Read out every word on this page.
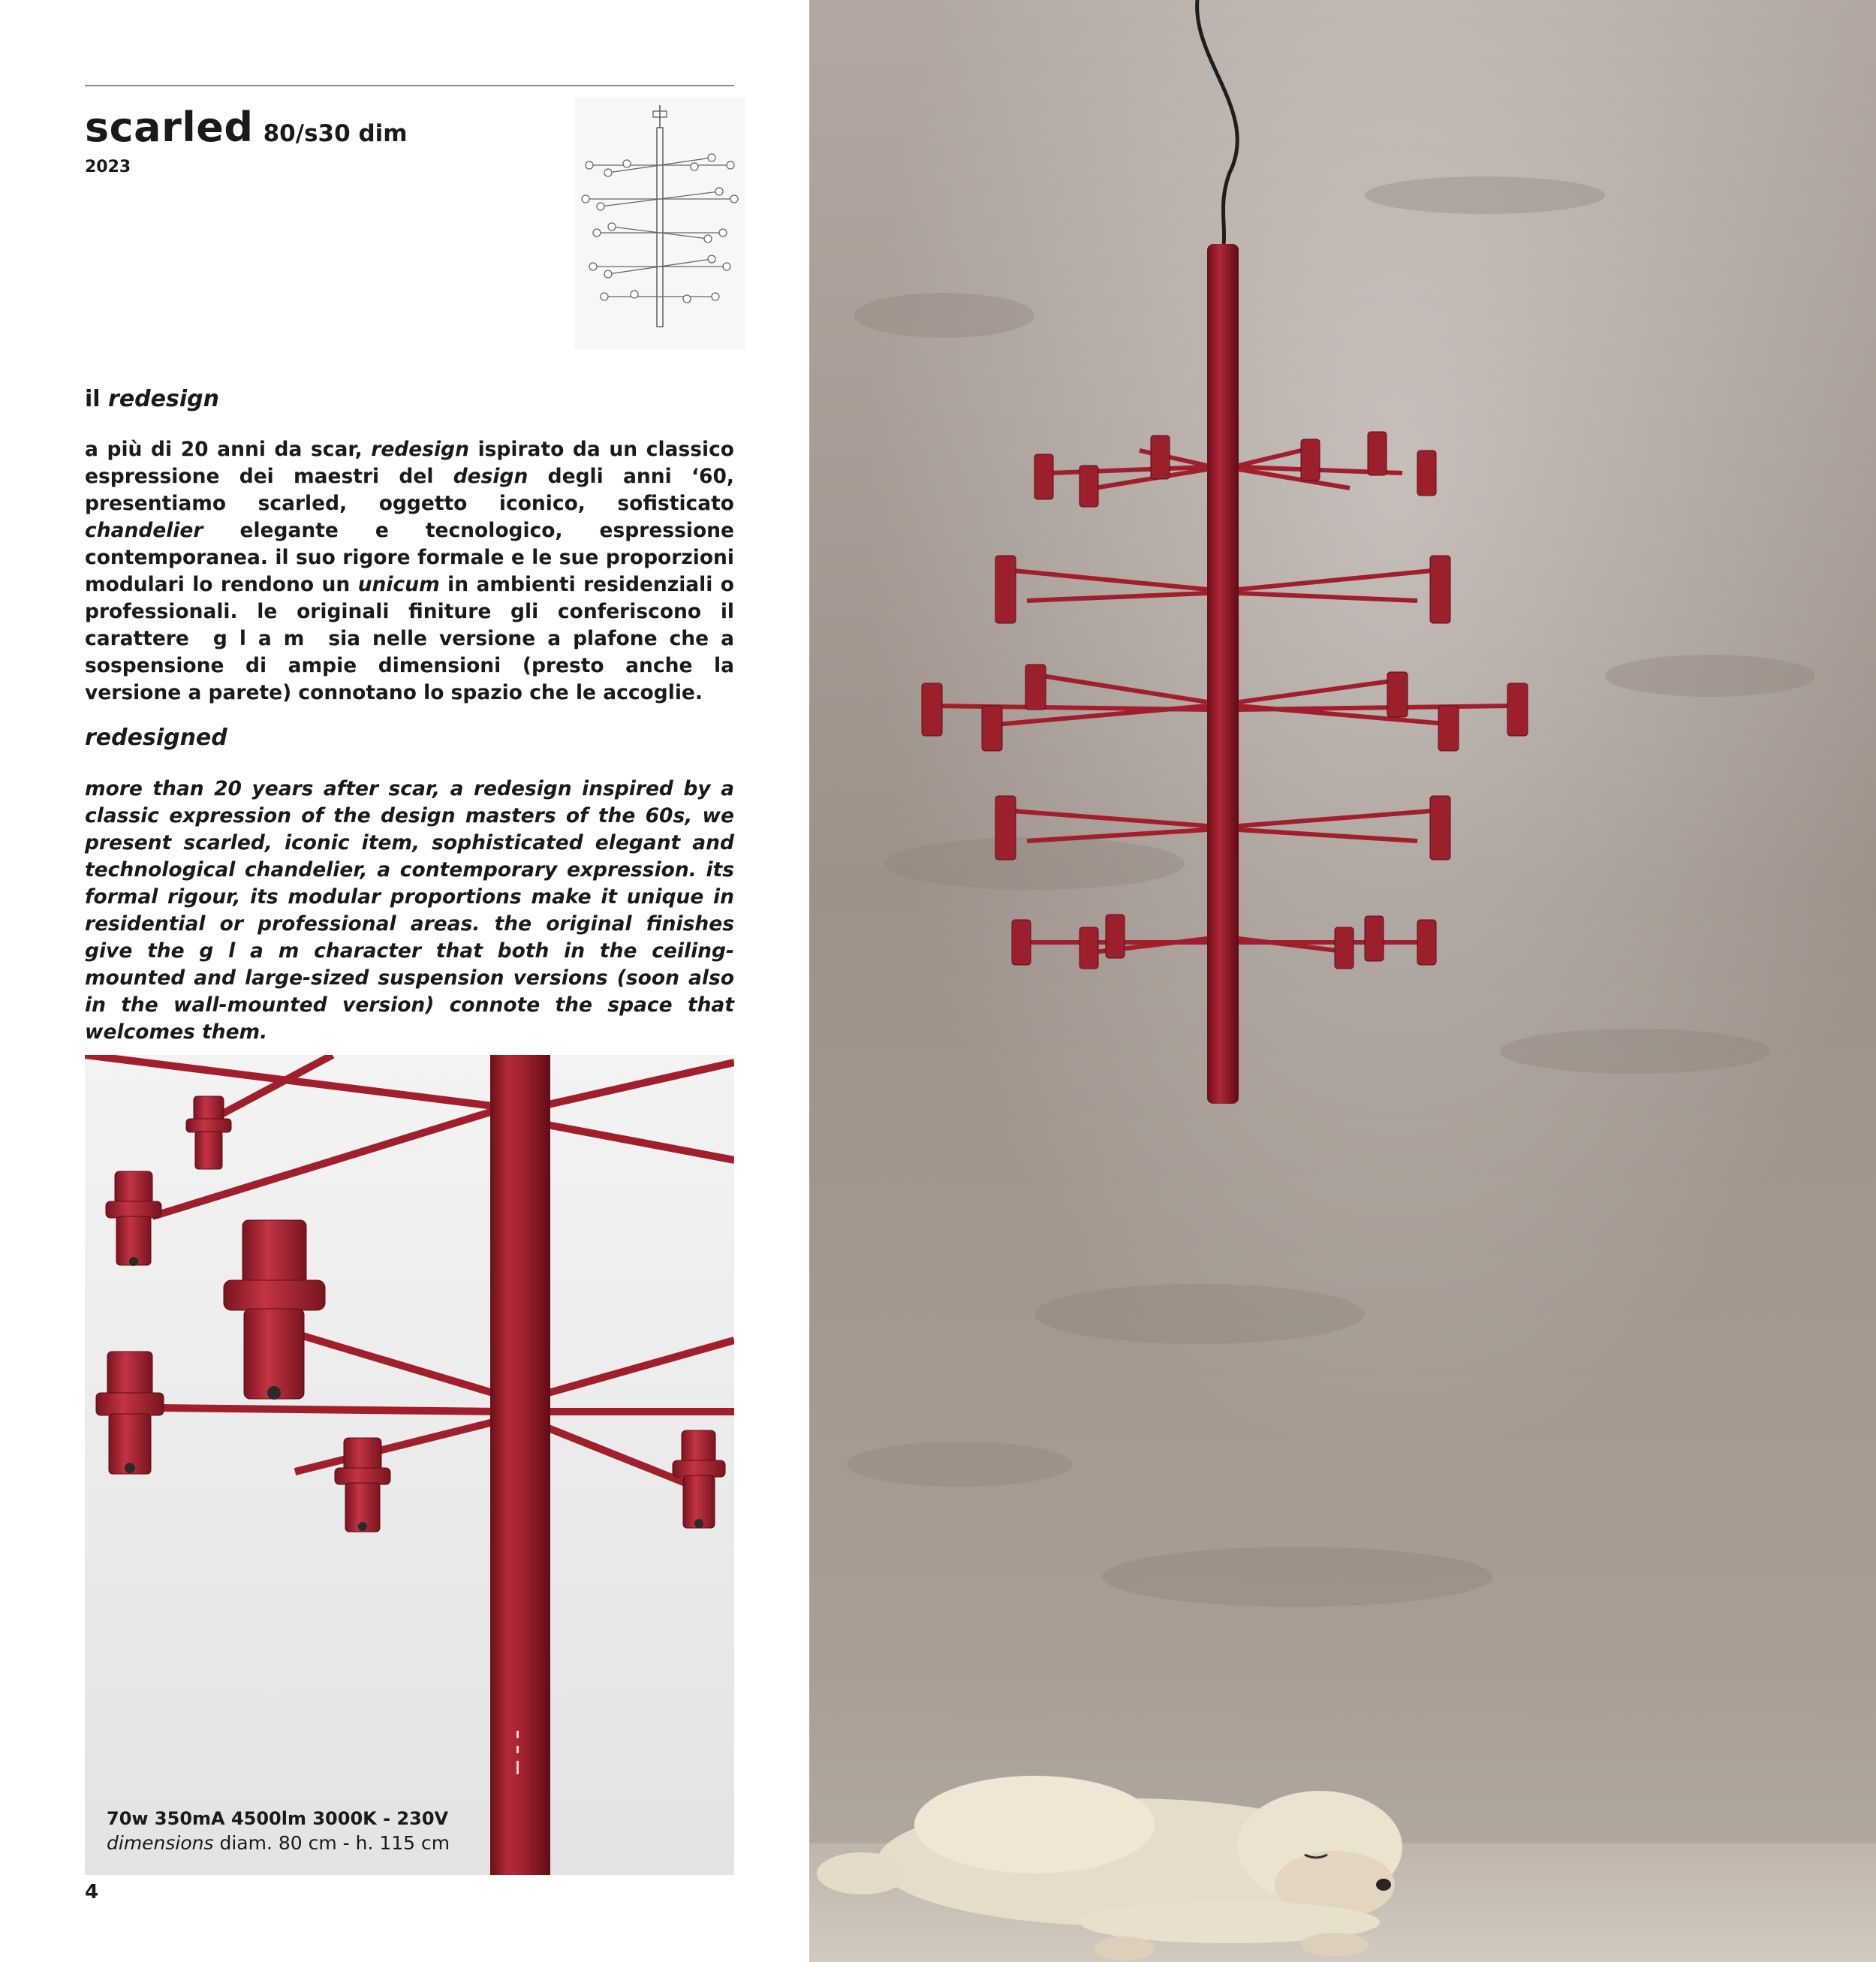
scarled 80/s30 dim
2023
il redesign
a più di 20 anni da scar, redesign ispirato da un classico espressione dei maestri del design degli anni ‘60, presentiamo scarled, oggetto iconico, sofisticato chandelier elegante e tecnologico, espressione contemporanea. il suo rigore formale e le sue proporzioni modulari lo rendono un unicum in ambienti residenziali o professionali. le originali finiture gli conferiscono il carattere  g l a m  sia nelle versione a plafone che a sospensione di ampie dimensioni (presto anche la versione a parete) connotano lo spazio che le accoglie.
redesigned
more than 20 years after scar, a redesign inspired by a classic expression of the design masters of the 60s, we present scarled, iconic item, sophisticated elegant and technological chandelier, a contemporary expression. its formal rigour, its modular proportions make it unique in residential or professional areas. the original finishes give the g l a m character that both in the ceiling-mounted and large-sized suspension versions (soon also in the wall-mounted version) connote the space that welcomes them.
70w 350mA 4500lm 3000K - 230V
dimensions diam. 80 cm - h. 115 cm
4
